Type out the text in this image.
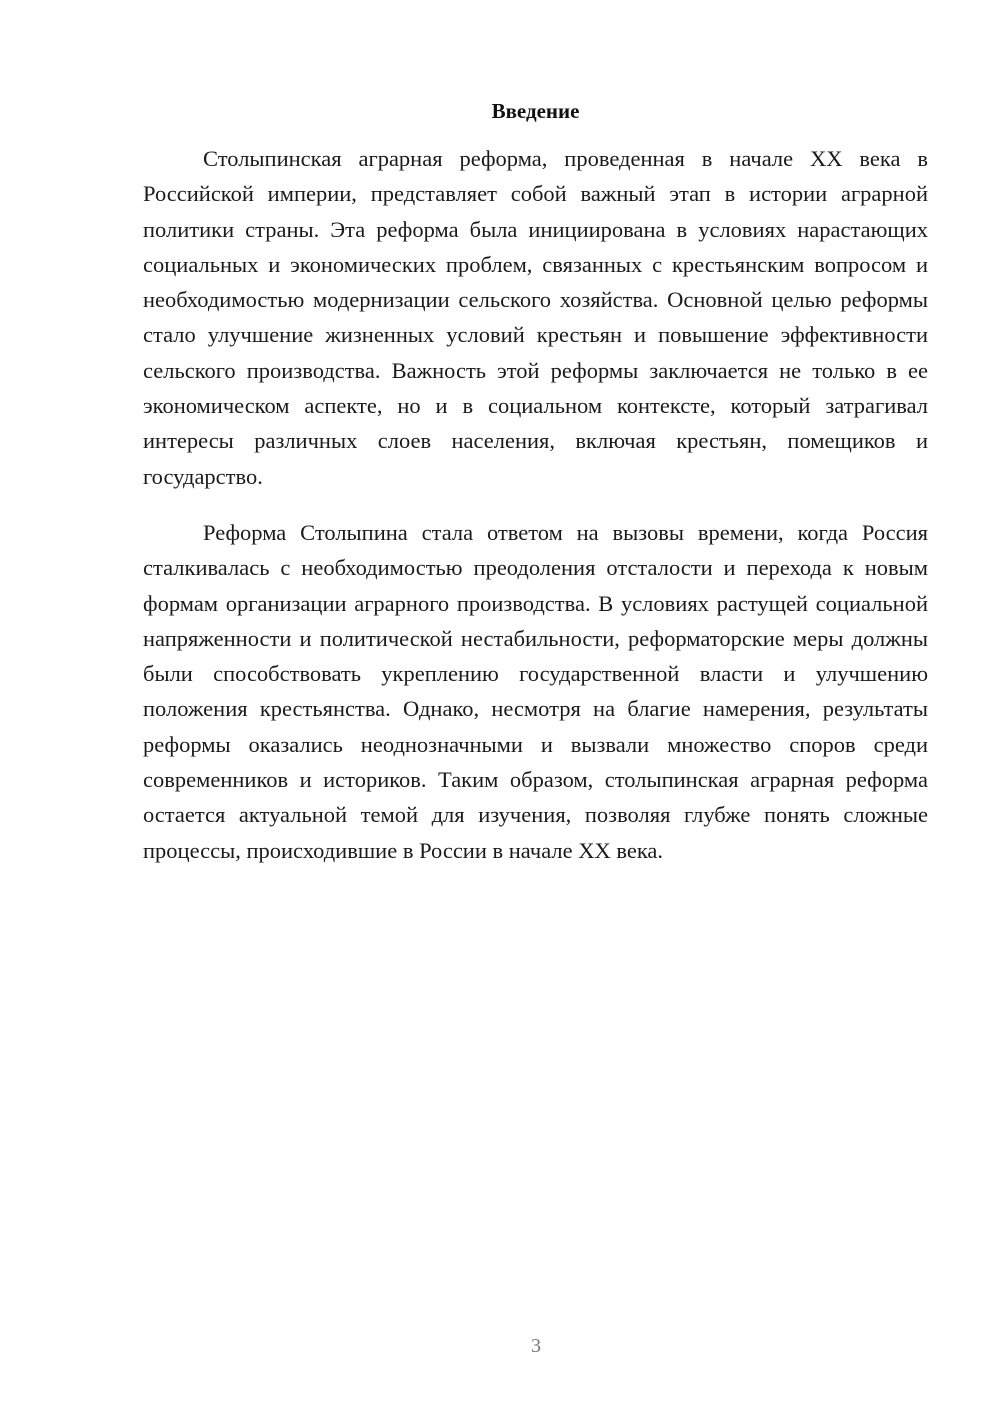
Введение

Столыпинская аграрная реформа, проведенная в начале XX века в Российской империи, представляет собой важный этап в истории аграрной политики страны. Эта реформа была инициирована в условиях нарастающих социальных и экономических проблем, связанных с крестьянским вопросом и необходимостью модернизации сельского хозяйства. Основной целью реформы стало улучшение жизненных условий крестьян и повышение эффективности сельского производства. Важность этой реформы заключается не только в ее экономическом аспекте, но и в социальном контексте, который затрагивал интересы различных слоев населения, включая крестьян, помещиков и государство.

Реформа Столыпина стала ответом на вызовы времени, когда Россия сталкивалась с необходимостью преодоления отсталости и перехода к новым формам организации аграрного производства. В условиях растущей социальной напряженности и политической нестабильности, реформаторские меры должны были способствовать укреплению государственной власти и улучшению положения крестьянства. Однако, несмотря на благие намерения, результаты реформы оказались неоднозначными и вызвали множество споров среди современников и историков. Таким образом, столыпинская аграрная реформа остается актуальной темой для изучения, позволяя глубже понять сложные процессы, происходившие в России в начале XX века.

3
